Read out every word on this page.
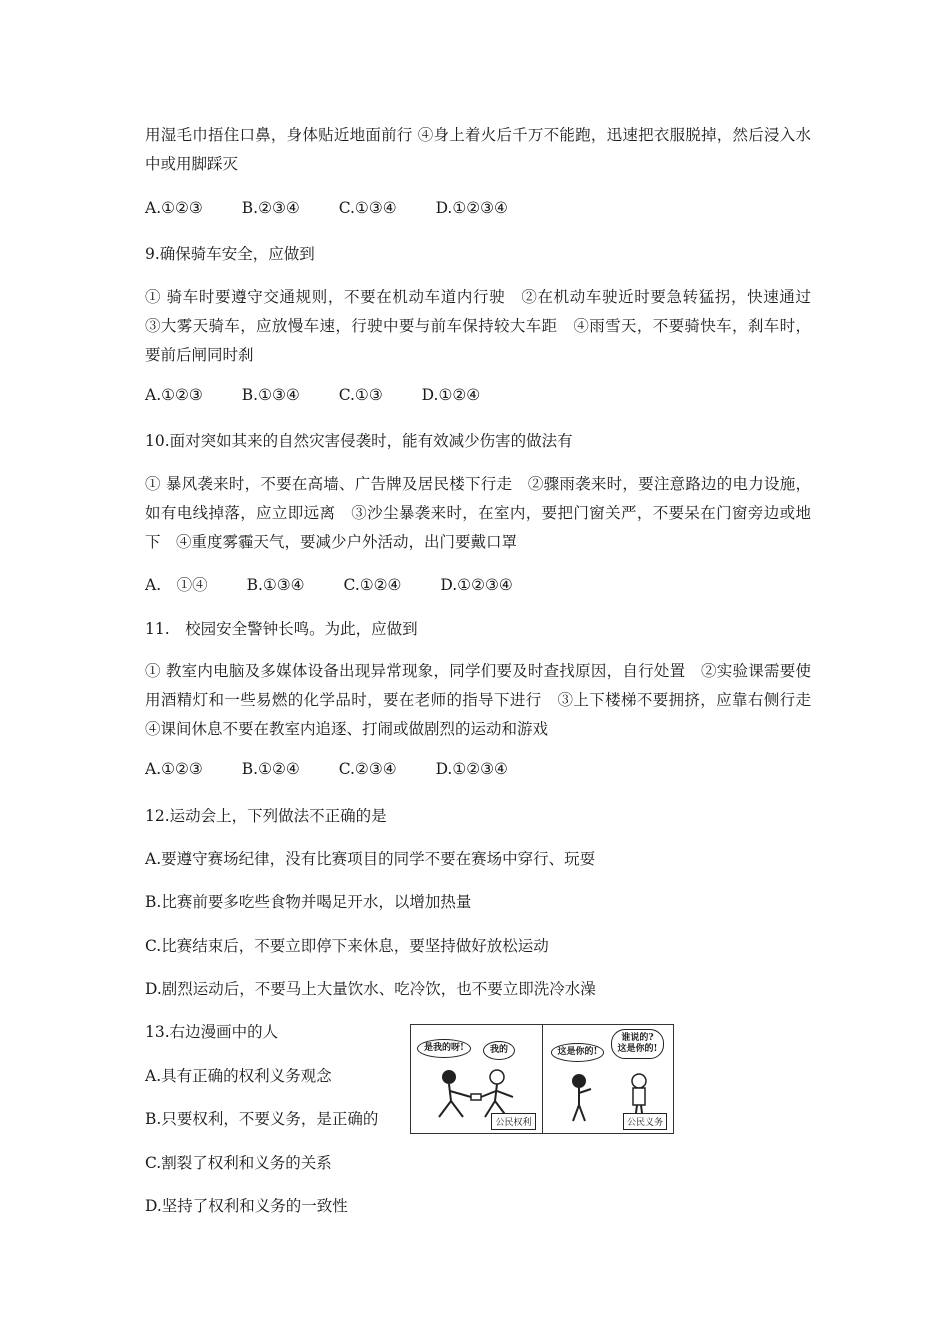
用湿毛巾捂住口鼻，身体贴近地面前行 ④身上着火后千万不能跑，迅速把衣服脱掉，然后浸入水中或用脚踩灭
A.①②③	B.②③④	C.①③④	D.①②③④
9.确保骑车安全，应做到
① 骑车时要遵守交通规则，不要在机动车道内行驶　②在机动车驶近时要急转猛拐，快速通过　③大雾天骑车，应放慢车速，行驶中要与前车保持较大车距　④雨雪天，不要骑快车，刹车时，要前后闸同时刹
A.①②③	B.①③④	C.①③	D.①②④
10.面对突如其来的自然灾害侵袭时，能有效减少伤害的做法有
① 暴风袭来时，不要在高墙、广告牌及居民楼下行走　②骤雨袭来时，要注意路边的电力设施，如有电线掉落，应立即远离　③沙尘暴袭来时，在室内，要把门窗关严，不要呆在门窗旁边或地下　④重度雾霾天气，要减少户外活动，出门要戴口罩
A.　①④	B.①③④	C.①②④	D.①②③④
11.　校园安全警钟长鸣。为此，应做到
① 教室内电脑及多媒体设备出现异常现象，同学们要及时查找原因，自行处置　②实验课需要使用酒精灯和一些易燃的化学品时，要在老师的指导下进行　③上下楼梯不要拥挤，应靠右侧行走　④课间休息不要在教室内追逐、打闹或做剧烈的运动和游戏
A.①②③	B.①②④	C.②③④	D.①②③④
12.运动会上，下列做法不正确的是
A.要遵守赛场纪律，没有比赛项目的同学不要在赛场中穿行、玩耍
B.比赛前要多吃些食物并喝足开水，以增加热量
C.比赛结束后，不要立即停下来休息，要坚持做好放松运动
D.剧烈运动后，不要马上大量饮水、吃冷饮，也不要立即洗冷水澡
13.右边漫画中的人
A.具有正确的权利义务观念
B.只要权利，不要义务，是正确的
C.割裂了权利和义务的关系
D.坚持了权利和义务的一致性
是我的呀!	我的
公民权利
这是你的!
谁说的?
这是你的!
公民义务
